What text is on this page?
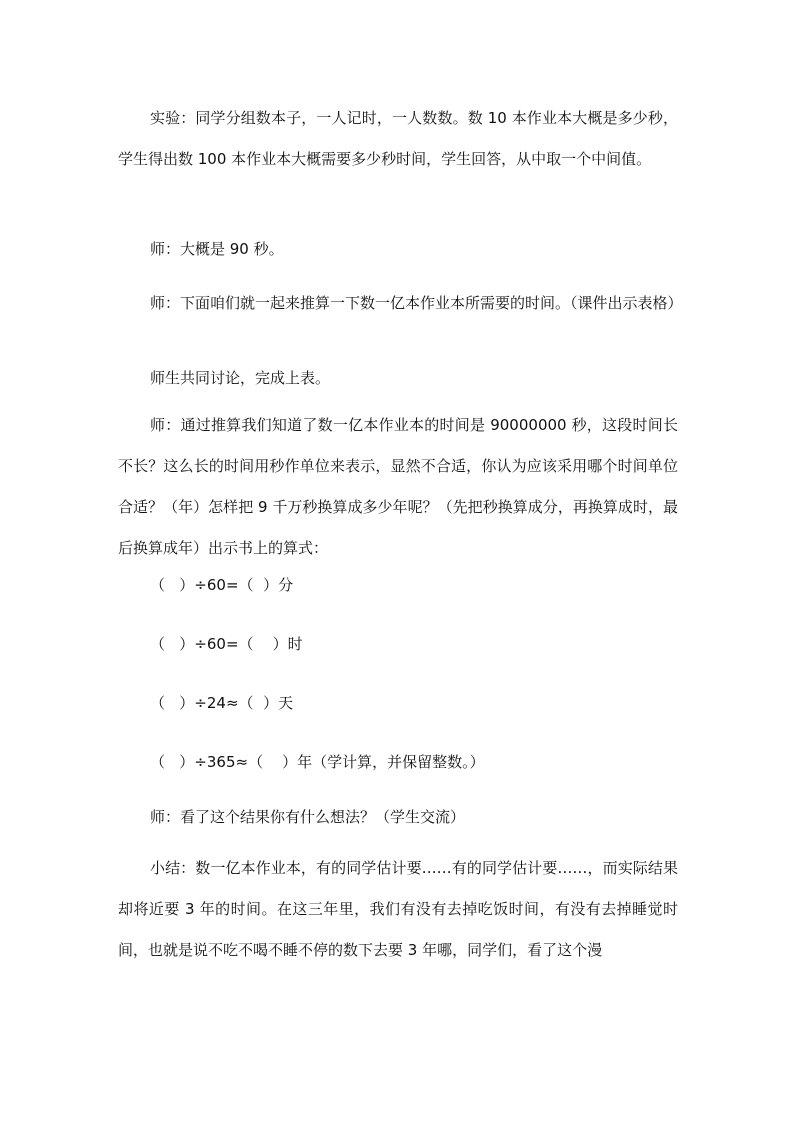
实验：同学分组数本子，一人记时，一人数数。数 10 本作业本大概是多少秒，学生得出数 100 本作业本大概需要多少秒时间，学生回答，从中取一个中间值。

师：大概是 90 秒。

师：下面咱们就一起来推算一下数一亿本作业本所需要的时间。（课件出示表格）

师生共同讨论，完成上表。

师：通过推算我们知道了数一亿本作业本的时间是 90000000 秒，这段时间长不长？这么长的时间用秒作单位来表示，显然不合适，你认为应该采用哪个时间单位合适？（年）怎样把 9 千万秒换算成多少年呢？（先把秒换算成分，再换算成时，最后换算成年）出示书上的算式：

（   ）÷60=（  ）分

（   ）÷60=（    ）时

（   ）÷24≈（  ）天

（   ）÷365≈（    ）年（学计算，并保留整数。）

师：看了这个结果你有什么想法？（学生交流）

小结：数一亿本作业本，有的同学估计要……有的同学估计要……，而实际结果却将近要 3 年的时间。在这三年里，我们有没有去掉吃饭时间，有没有去掉睡觉时间，也就是说不吃不喝不睡不停的数下去要 3 年哪，同学们，看了这个漫
